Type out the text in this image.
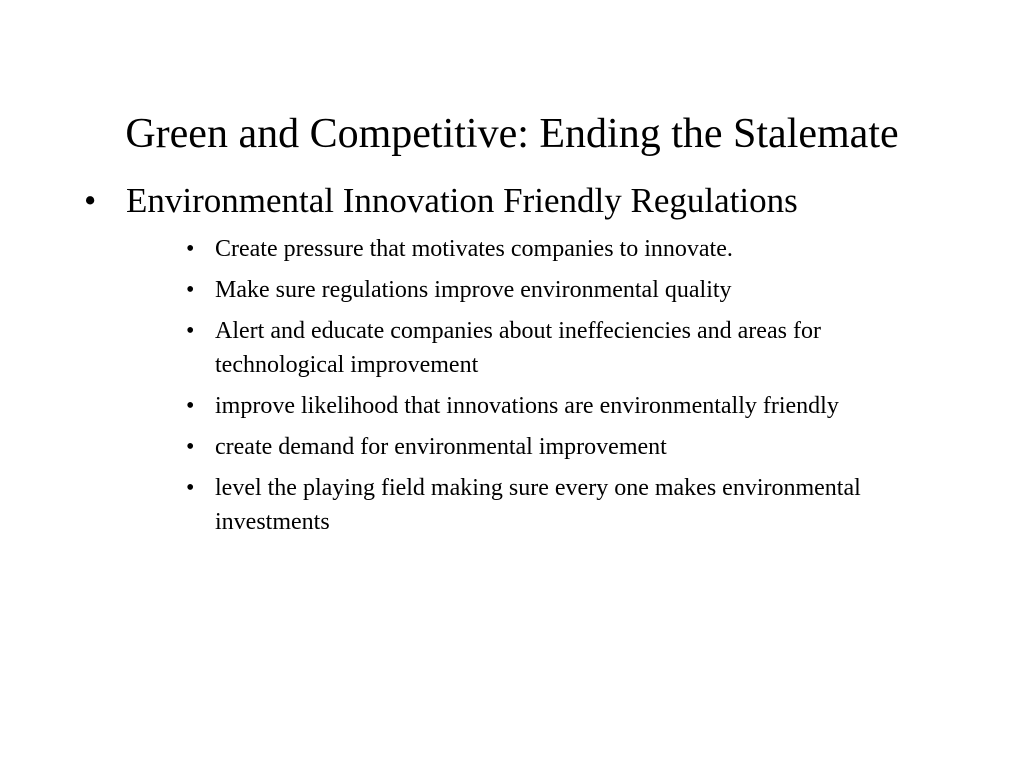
Green and Competitive: Ending the Stalemate
• Environmental Innovation Friendly Regulations
• Create pressure that motivates companies to innovate.
• Make sure regulations improve environmental quality
• Alert and educate companies about ineffeciencies and areas for technological improvement
• improve likelihood that innovations are environmentally friendly
• create demand for environmental improvement
• level the playing field making sure every one makes environmental investments
